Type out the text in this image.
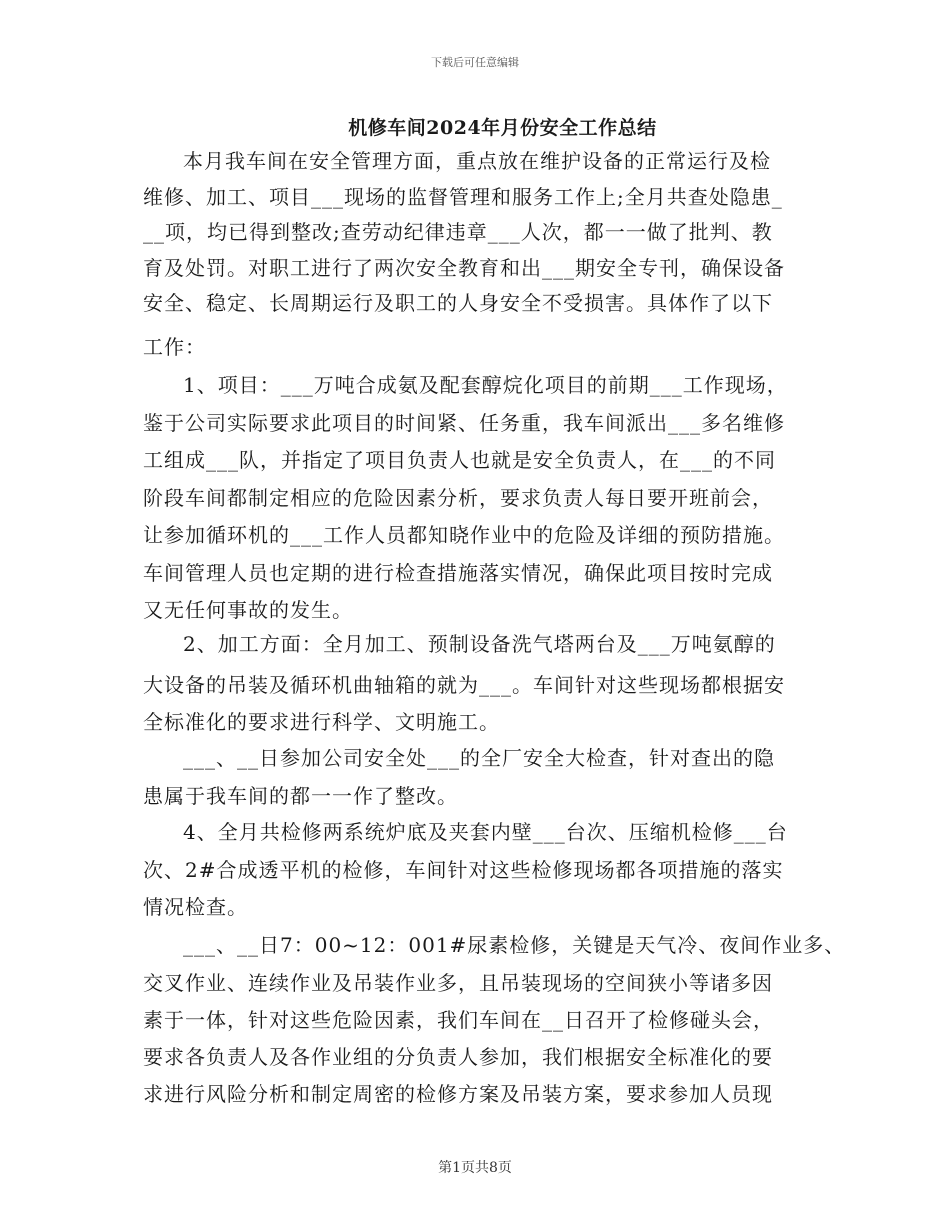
下载后可任意编辑
机修车间2024年月份安全工作总结
本月我车间在安全管理方面，重点放在维护设备的正常运行及检
维修、加工、项目___现场的监督管理和服务工作上;全月共查处隐患_
__项，均已得到整改;查劳动纪律违章___人次，都一一做了批判、教
育及处罚。对职工进行了两次安全教育和出___期安全专刊，确保设备
安全、稳定、长周期运行及职工的人身安全不受损害。具体作了以下
工作：
1、项目：___万吨合成氨及配套醇烷化项目的前期___工作现场，
鉴于公司实际要求此项目的时间紧、任务重，我车间派出___多名维修
工组成___队，并指定了项目负责人也就是安全负责人，在___的不同
阶段车间都制定相应的危险因素分析，要求负责人每日要开班前会，
让参加循环机的___工作人员都知晓作业中的危险及详细的预防措施。
车间管理人员也定期的进行检查措施落实情况，确保此项目按时完成
又无任何事故的发生。
2、加工方面：全月加工、预制设备洗气塔两台及___万吨氨醇的
大设备的吊装及循环机曲轴箱的就为___。车间针对这些现场都根据安
全标准化的要求进行科学、文明施工。
___、__日参加公司安全处___的全厂安全大检查，针对查出的隐
患属于我车间的都一一作了整改。
4、全月共检修两系统炉底及夹套内壁___台次、压缩机检修___台
次、2#合成透平机的检修，车间针对这些检修现场都各项措施的落实
情况检查。
___、__日7：00~12：001#尿素检修，关键是天气冷、夜间作业多、
交叉作业、连续作业及吊装作业多，且吊装现场的空间狭小等诸多因
素于一体，针对这些危险因素，我们车间在__日召开了检修碰头会，
要求各负责人及各作业组的分负责人参加，我们根据安全标准化的要
求进行风险分析和制定周密的检修方案及吊装方案，要求参加人员现
第1页共8页
